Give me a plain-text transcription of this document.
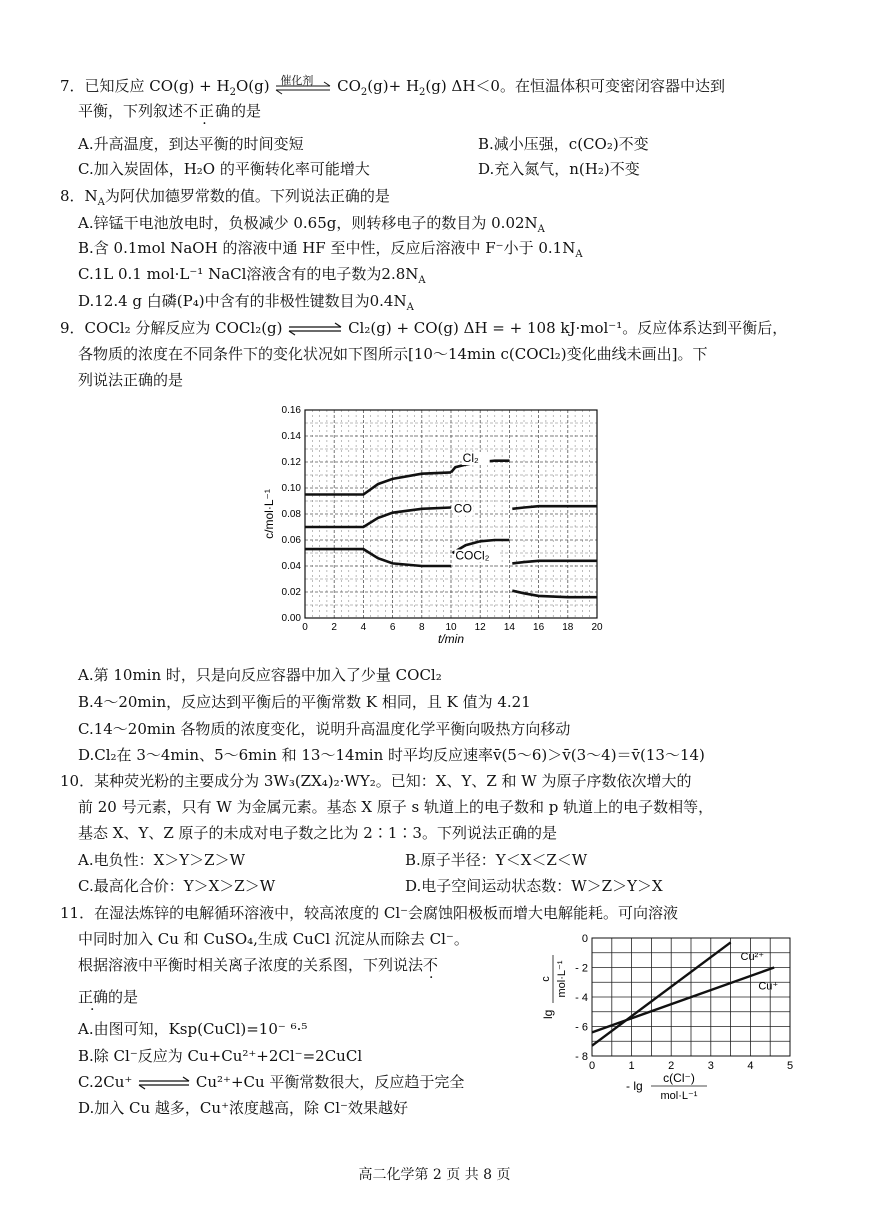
7．已知反应 $CO(g) + H_2O(g)$ 催化剂 $CO_2(g)+ H_2(g)$ ΔH＜0。在恒温体积可变密闭容器中达到
平衡，下列叙述不正确的是
A.升高温度，到达平衡的时间变短	B.减小压强，c(CO₂)不变
C.加入炭固体，H₂O 的平衡转化率可能增大	D.充入氮气，n(H₂)不变
8．$N_A$为阿伏加德罗常数的值。下列说法正确的是
A.锌锰干电池放电时，负极减少 0.65g，则转移电子的数目为 $0.02N_A$
B.含 0.1mol NaOH 的溶液中通 HF 至中性，反应后溶液中 F⁻小于 $0.1N_A$
C.1L 0.1 mol·L⁻¹ NaCl溶液含有的电子数为$2.8N_A$
D.12.4 g 白磷(P₄)中含有的非极性键数目为$0.4N_A$
9．COCl₂ 分解反应为 COCl₂(g) ⇌ Cl₂(g) + CO(g) ΔH = + 108 kJ·mol⁻¹。反应体系达到平衡后，
各物质的浓度在不同条件下的变化状况如下图所示[10～14min c(COCl₂)变化曲线未画出]。下
列说法正确的是
0 2 4 6 8 10 12 14 16 18 20
0.00
0.02
0.04
0.06
0.08
0.10
0.12
0.14
0.16
t/min
c/mol·L⁻¹
Cl₂
CO
COCl₂
A.第 10min 时，只是向反应容器中加入了少量 COCl₂
B.4～20min，反应达到平衡后的平衡常数 K 相同，且 K 值为 4.21
C.14～20min 各物质的浓度变化，说明升高温度化学平衡向吸热方向移动
D.Cl₂在 3～4min、5～6min 和 13～14min 时平均反应速率v̄(5～6)＞v̄(3～4)＝v̄(13～14)
10．某种荧光粉的主要成分为 3W₃(ZX₄)₂·WY₂。已知：X、Y、Z 和 W 为原子序数依次增大的
前 20 号元素，只有 W 为金属元素。基态 X 原子 s 轨道上的电子数和 p 轨道上的电子数相等，
基态 X、Y、Z 原子的未成对电子数之比为 2∶1∶3。下列说法正确的是
A.电负性：X＞Y＞Z＞W	B.原子半径：Y＜X＜Z＜W
C.最高化合价：Y＞X＞Z＞W	D.电子空间运动状态数：W＞Z＞Y＞X
11．在湿法炼锌的电解循环溶液中，较高浓度的 Cl⁻会腐蚀阳极板而增大电解能耗。可向溶液
中同时加入 Cu 和 CuSO₄,生成 CuCl 沉淀从而除去 Cl⁻。
根据溶液中平衡时相关离子浓度的关系图，下列说法不
正确的是
A.由图可知，Ksp(CuCl)=10⁻ ⁶·⁵
B.除 Cl⁻反应为 Cu+Cu²⁺+2Cl⁻=2CuCl
C.2Cu⁺ ⇌ Cu²⁺+Cu 平衡常数很大，反应趋于完全
D.加入 Cu 越多，Cu⁺浓度越高，除 Cl⁻效果越好
0	1	2	3	4	5
0
- 2
- 4
- 6
- 8
- lg
c(Cl⁻)
mol·L⁻¹
lg
c mol·L⁻¹
Cu²⁺
Cu⁺
高二化学第 2 页 共 8 页
